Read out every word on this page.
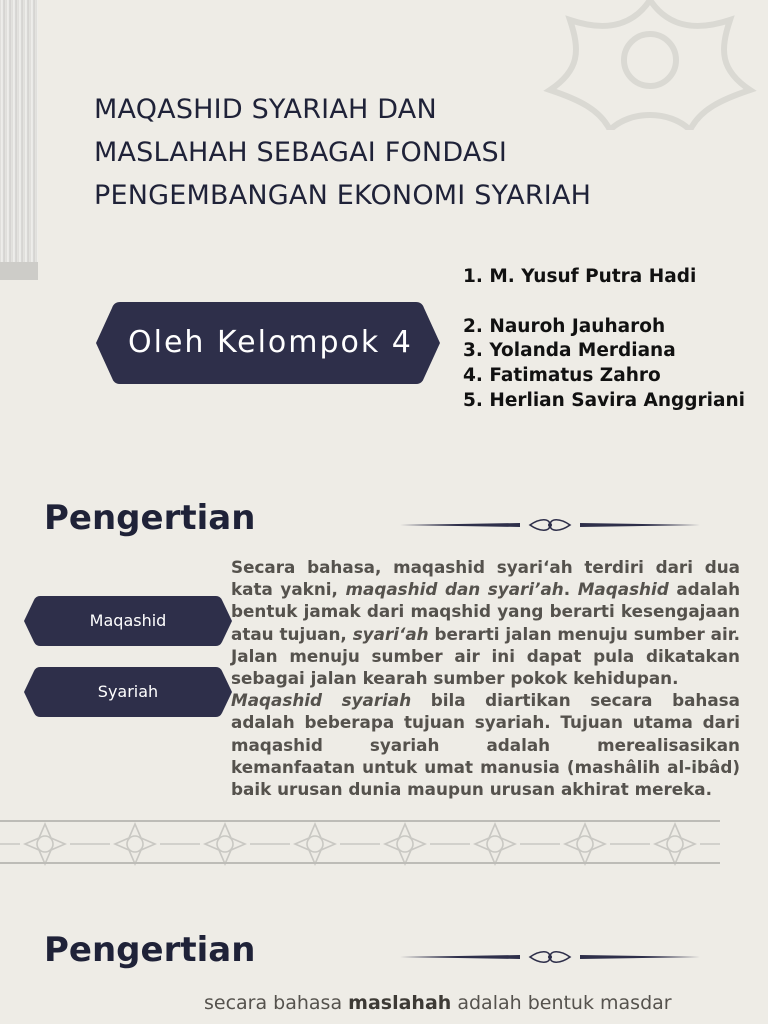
MAQASHID SYARIAH DAN
MASLAHAH SEBAGAI FONDASI
PENGEMBANGAN EKONOMI SYARIAH
Oleh Kelompok 4
1. M. Yusuf Putra Hadi
2. Nauroh Jauharoh
3. Yolanda Merdiana
4. Fatimatus Zahro
5. Herlian Savira Anggriani
Pengertian
Maqashid
Syariah

Secara bahasa, maqashid syari‘ah terdiri dari dua kata yakni, maqashid dan syari’ah. Maqashid adalah bentuk jamak dari maqshid yang berarti kesengajaan atau tujuan, syari‘ah berarti jalan menuju sumber air. Jalan menuju sumber air ini dapat pula dikatakan sebagai jalan kearah sumber pokok kehidupan.
Maqashid syariah bila diartikan secara bahasa adalah beberapa tujuan syariah. Tujuan utama dari maqashid syariah adalah merealisasikan kemanfaatan untuk umat manusia (mashâlih al-ibâd) baik urusan dunia maupun urusan akhirat mereka.

Pengertian

secara bahasa maslahah adalah bentuk masdar
